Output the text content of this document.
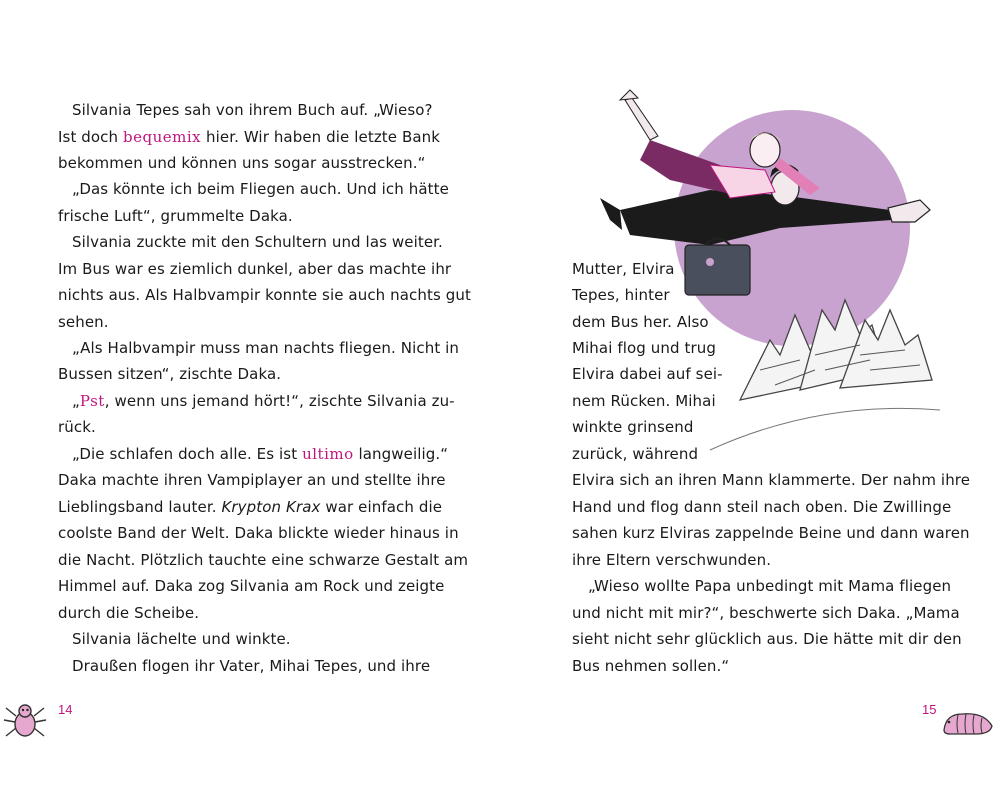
Silvania Tepes sah von ihrem Buch auf. „Wieso?
Ist doch bequemix hier. Wir haben die letzte Bank
bekommen und können uns sogar ausstrecken.“
„Das könnte ich beim Fliegen auch. Und ich hätte
frische Luft“, grummelte Daka.
Silvania zuckte mit den Schultern und las weiter.
Im Bus war es ziemlich dunkel, aber das machte ihr
nichts aus. Als Halbvampir konnte sie auch nachts gut
sehen.
„Als Halbvampir muss man nachts fliegen. Nicht in
Bussen sitzen“, zischte Daka.
„Pst, wenn uns jemand hört!“, zischte Silvania zu-
rück.
„Die schlafen doch alle. Es ist ultimo langweilig.“
Daka machte ihren Vampiplayer an und stellte ihre
Lieblingsband lauter. Krypton Krax war einfach die
coolste Band der Welt. Daka blickte wieder hinaus in
die Nacht. Plötzlich tauchte eine schwarze Gestalt am
Himmel auf. Daka zog Silvania am Rock und zeigte
durch die Scheibe.
Silvania lächelte und winkte.
Draußen flogen ihr Vater, Mihai Tepes, und ihre
14
Mutter, Elvira
Tepes, hinter
dem Bus her. Also
Mihai flog und trug
Elvira dabei auf sei-
nem Rücken. Mihai
winkte grinsend
zurück, während
Elvira sich an ihren Mann klammerte. Der nahm ihre
Hand und flog dann steil nach oben. Die Zwillinge
sahen kurz Elviras zappelnde Beine und dann waren
ihre Eltern verschwunden.
„Wieso wollte Papa unbedingt mit Mama fliegen
und nicht mit mir?“, beschwerte sich Daka. „Mama
sieht nicht sehr glücklich aus. Die hätte mit dir den
Bus nehmen sollen.“
15
